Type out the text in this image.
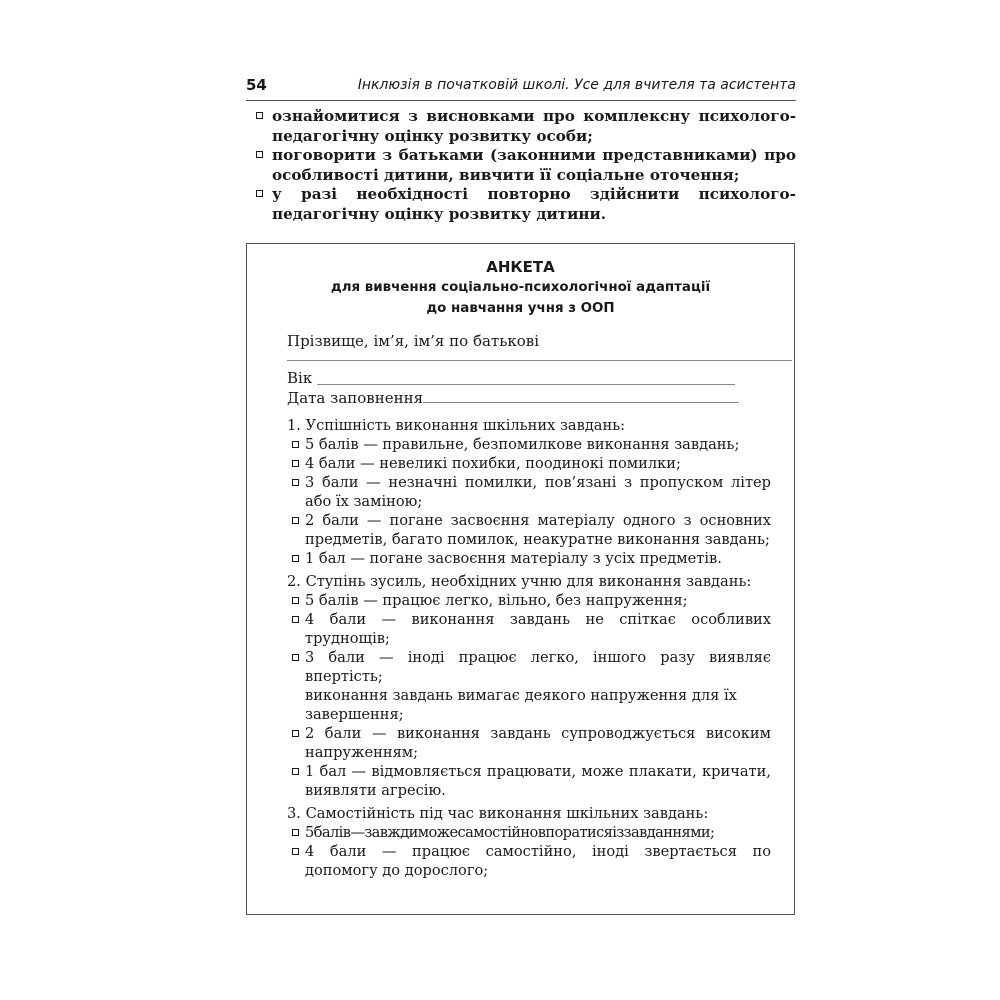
54	Інклюзія в початковій школі. Усе для вчителя та асистента
ознайомитися з висновками про комплексну психолого-педагогічну оцінку розвитку особи;
поговорити з батьками (законними представниками) про особливості дитини, вивчити її соціальне оточення;
у разі необхідності повторно здійснити психолого-педагогічну оцінку розвитку дитини.
АНКЕТА
для вивчення соціально-психологічної адаптації
до навчання учня з ООП
Прізвище, ім’я, ім’я по батькові
Вік
Дата заповнення
1. Успішність виконання шкільних завдань:
5 балів — правильне, безпомилкове виконання завдань;
4 бали — невеликі похибки, поодинокі помилки;
3 бали — незначні помилки, пов’язані з пропуском літер або їх заміною;
2 бали — погане засвоєння матеріалу одного з основних предметів, багато помилок, неакуратне виконання завдань;
1 бал — погане засвоєння матеріалу з усіх предметів.
2. Ступінь зусиль, необхідних учню для виконання завдань:
5 балів — працює легко, вільно, без напруження;
4 бали — виконання завдань не спіткає особливих труднощів;
3 бали — іноді працює легко, іншого разу виявляє впертість;
виконання завдань вимагає деякого напруження для їх завершення;
2 бали — виконання завдань супроводжується високим напруженням;
1 бал — відмовляється працювати, може плакати, кричати, виявляти агресію.
3. Самостійність під час виконання шкільних завдань:
5балів—завждиможесамостійновпоратисяіззавданнями;
4 бали — працює самостійно, іноді звертається по допомогу до дорослого;
